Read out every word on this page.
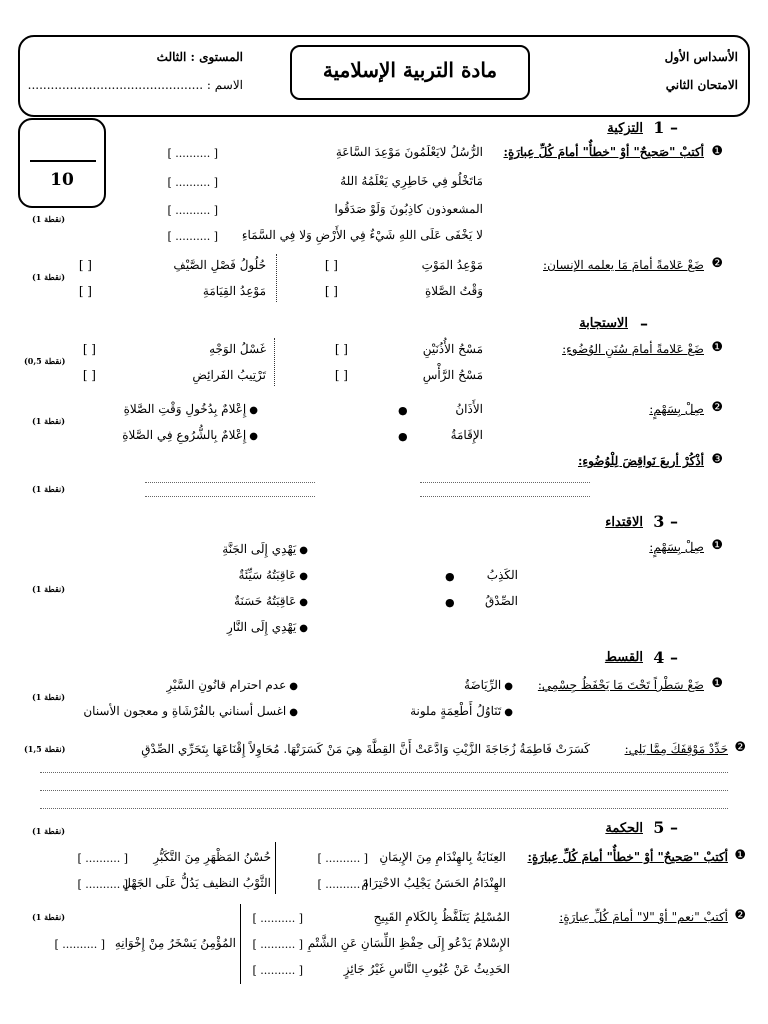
الأسداس الأول
الامتحان الثاني
مادة التربية الإسلامية
المستوى : الثالث
الاسم : ..............................................
10
1 –
التزكية
❶
أكتبْ "صَحيحٌ" أوْ "خطأٌ" أمامَ كُلِّ عِبارَةٍ:
الرُّسُلُ لايَعْلَمُونَ مَوْعِدَ السَّاعَةِ
مَاتَخْلُو فِي خَاطِرِي يَعْلَمُهُ اللهُ
المشعوذون كاذِبُونَ وَلَوْ صَدَقُوا
لا يَخْفَى عَلَى اللهِ شَيْءٌ فِي الأَرْضِ وَلا فِي السَّمَاءِ
[ .......... ]
[ .......... ]
[ .......... ]
[ .......... ]
(1 نقطة)
❷
ضَعْ عَلامةً أمامَ مَا يعلمه الإنسان:
مَوْعِدُ المَوْتِ
وَقْتُ الصَّلاةِ
[ ]
[ ]
حُلُولُ فَصْلِ الصَّيْفِ
مَوْعِدُ القِيَامَةِ
[ ]
[ ]
(1 نقطة)
–
الاستجابة
❶
ضَعْ عَلامةً أمامَ سُنَنِ الوُضُوءِ:
مَسْحُ الأُذُنَيْنِ
مَسْحُ الرَّأْسِ
[ ]
[ ]
غَسْلُ الوَجْهِ
تَرْتِيبُ الفَرائِضِ
[ ]
[ ]
(0,5 نقطة)
❷
صِلْ بِسَهْمٍ:
الأَذَانُ
الإِقَامَةُ
●
●
● إِعْلامٌ بِدُخُولِ وَقْتِ الصَّلاةِ
● إِعْلامٌ بِالشُّرُوعِ فِي الصَّلاةِ
(1 نقطة)
❸
أذْكُرْ أربعَ نَواقِضَ لِلْوُضُوءِ:
(1 نقطة)
3 –
الاقتداء
❶
صِلْ بِسَهْمٍ:
الكَذِبُ
الصِّدْقُ
●
●
● يَهْدِي إِلَى الجَنَّةِ
● عَاقِبَتُهُ سَيِّئَةٌ
● عَاقِبَتُهُ حَسَنَةٌ
● يَهْدِي إِلَى النَّارِ
(1 نقطة)
4 –
القسط
❶
ضَعْ سَطْراً تَحْتَ مَا يَحْفَظُ جِسْمِي:
● الرِّيَاضَةُ
● تَنَاوُلُ أَطْعِمَةٍ ملونة
● عدم احترام قانُونِ السَّيْرِ
● اغسل أسناني بالفُرْشَاةِ و معجون الأسنان
(1 نقطة)
❷
حَدِّدْ مَوْقِفَكَ مِمَّا يَلِي:
كَسَرَتْ فَاطِمَةُ زُجَاجَةَ الزَّيْتِ وَادَّعَتْ أَنَّ القِطَّةَ هِيَ مَنْ كَسَرَتْهَا. مُحَاوِلاً إِقْنَاعَهَا بِتَحَرِّي الصِّدْقِ
(1,5 نقطة)
5 –
الحكمة
(1 نقطة)
❶
أكتبْ "صَحيحٌ" أوْ "خطأٌ" أمامَ كُلِّ عِبارَةٍ:
العِنَايَةُ بِالهِنْدَامِ مِنَ الإِيمَانِ
الهِنْدَامُ الحَسَنُ يَجْلِبُ الاحْتِرَامَ
[ .......... ]
[ .......... ]
حُسْنُ المَظْهَرِ مِنَ التَّكَبُّرِ
الثَّوْبُ النظيف يَدُلُّ عَلَى الجَهْلِ
[ .......... ]
[ .......... ]
❷
أكتبْ "نعم" أوْ "لا" أمامَ كُلِّ عِبارَةٍ:
المُسْلِمُ يَتَلَفَّظُ بِالكَلامِ القَبِيحِ
الإِسْلامُ يَدْعُو إِلَى حِفْظِ اللِّسَانِ عَنِ الشَّتْمِ
الحَدِيثُ عَنْ عُيُوبِ النَّاسِ غَيْرُ جَائِزٍ
[ .......... ]
[ .......... ]
[ .......... ]
المُؤْمِنُ يَسْخَرُ مِنْ إِخْوَانِهِ
[ .......... ]
(1 نقطة)
